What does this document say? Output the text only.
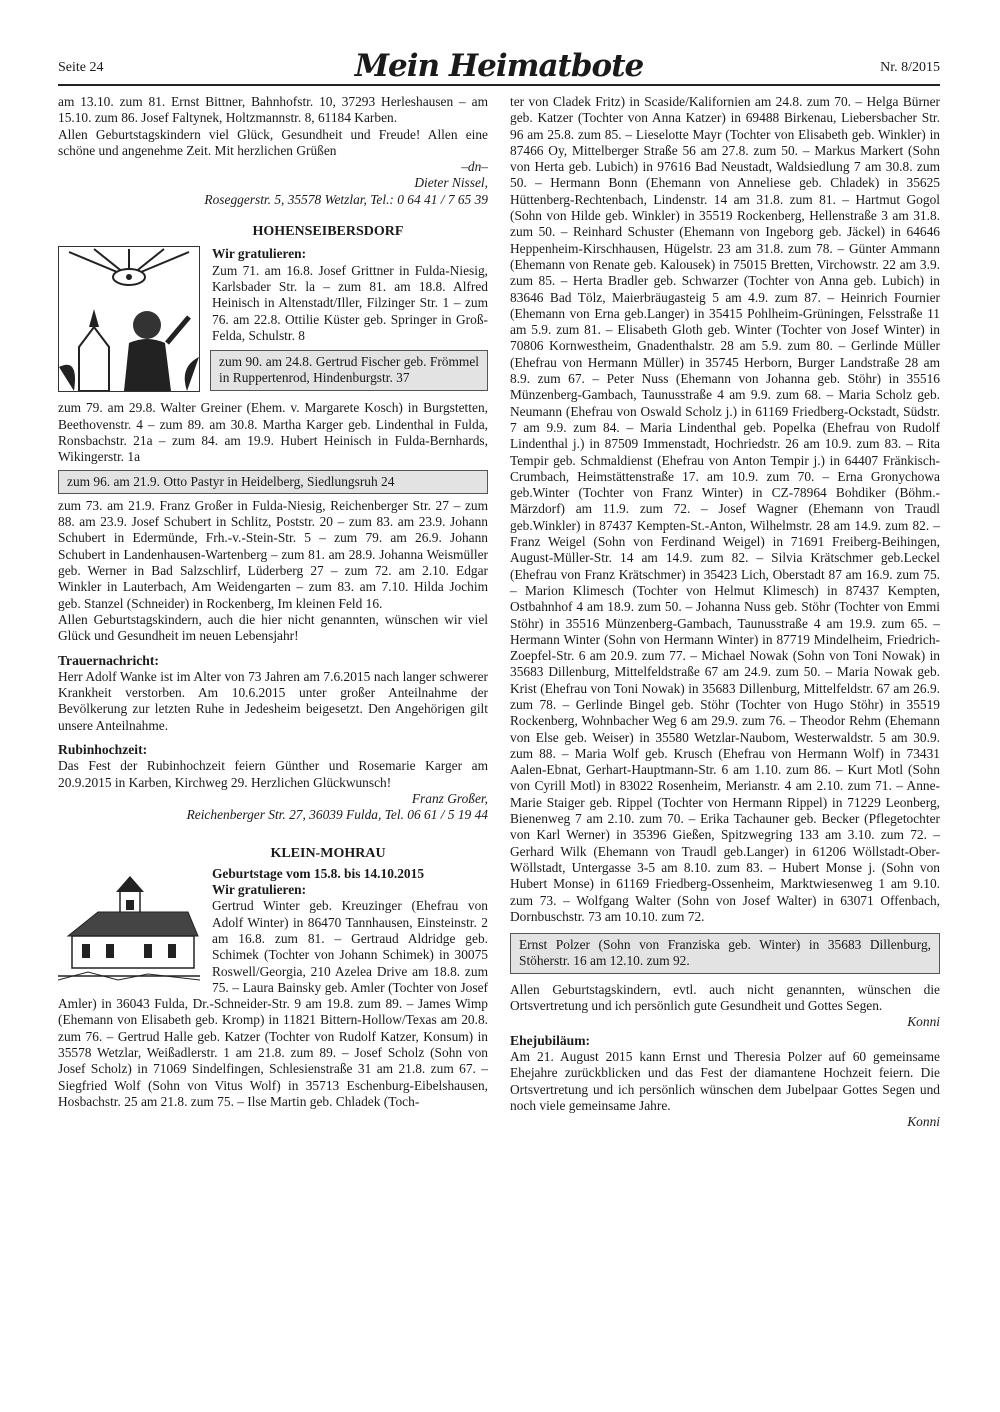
Seite 24	Mein Heimatbote	Nr. 8/2015

am 13.10. zum 81. Ernst Bittner, Bahnhofstr. 10, 37293 Herleshausen – am 15.10. zum 86. Josef Faltynek, Holtzmannstr. 8, 61184 Karben.

Allen Geburtstagskindern viel Glück, Gesundheit und Freude! Allen eine schöne und angenehme Zeit. Mit herzlichen Grüßen

–dn–

Dieter Nissel,

Roseggerstr. 5, 35578 Wetzlar, Tel.: 0 64 41 / 7 65 39

HOHENSEIBERSDORF

Wir gratulieren:

Zum 71. am 16.8. Josef Grittner in Fulda-Niesig, Karlsbader Str. la – zum 81. am 18.8. Alfred Heinisch in Altenstadt/Iller, Filzinger Str. 1 – zum 76. am 22.8. Ottilie Küster geb. Springer in Groß-Felda, Schulstr. 8

zum 90. am 24.8. Gertrud Fischer geb. Frömmel in Ruppertenrod, Hindenburgstr. 37

zum 79. am 29.8. Walter Greiner (Ehem. v. Margarete Kosch) in Burgstetten, Beethovenstr. 4 – zum 89. am 30.8. Martha Karger geb. Lindenthal in Fulda, Ronsbachstr. 21a – zum 84. am 19.9. Hubert Heinisch in Fulda-Bernhards, Wikingerstr. 1a

zum 96. am 21.9. Otto Pastyr in Heidelberg, Siedlungsruh 24

zum 73. am 21.9. Franz Großer in Fulda-Niesig, Reichenberger Str. 27 – zum 88. am 23.9. Josef Schubert in Schlitz, Poststr. 20 – zum 83. am 23.9. Johann Schubert in Edermünde, Frh.-v.-Stein-Str. 5 – zum 79. am 26.9. Johann Schubert in Landenhausen-Wartenberg – zum 81. am 28.9. Johanna Weismüller geb. Werner in Bad Salzschlirf, Lüderberg 27 – zum 72. am 2.10. Edgar Winkler in Lauterbach, Am Weidengarten – zum 83. am 7.10. Hilda Jochim geb. Stanzel (Schneider) in Rockenberg, Im kleinen Feld 16.

Allen Geburtstagskindern, auch die hier nicht genannten, wünschen wir viel Glück und Gesundheit im neuen Lebensjahr!

Trauernachricht:

Herr Adolf Wanke ist im Alter von 73 Jahren am 7.6.2015 nach langer schwerer Krankheit verstorben. Am 10.6.2015 unter großer Anteilnahme der Bevölkerung zur letzten Ruhe in Jedesheim beigesetzt. Den Angehörigen gilt unsere Anteilnahme.

Rubinhochzeit:

Das Fest der Rubinhochzeit feiern Günther und Rosemarie Karger am 20.9.2015 in Karben, Kirchweg 29. Herzlichen Glückwunsch!

Franz Großer,

Reichenberger Str. 27, 36039 Fulda, Tel. 06 61 / 5 19 44

KLEIN-MOHRAU

Geburtstage vom 15.8. bis 14.10.2015

Wir gratulieren:

Gertrud Winter geb. Kreuzinger (Ehefrau von Adolf Winter) in 86470 Tannhausen, Einsteinstr. 2 am 16.8. zum 81. – Gertraud Aldridge geb. Schimek (Tochter von Johann Schimek) in 30075 Roswell/Georgia, 210 Azelea Drive am 18.8. zum 75. – Laura Bainsky geb. Amler (Tochter von Josef Amler) in 36043 Fulda, Dr.-Schneider-Str. 9 am 19.8. zum 89. – James Wimp (Ehemann von Elisabeth geb. Kromp) in 11821 Bittern-Hollow/Texas am 20.8. zum 76. – Gertrud Halle geb. Katzer (Tochter von Rudolf Katzer, Konsum) in 35578 Wetzlar, Weißadlerstr. 1 am 21.8. zum 89. – Josef Scholz (Sohn von Josef Scholz) in 71069 Sindelfingen, Schlesienstraße 31 am 21.8. zum 67. – Siegfried Wolf (Sohn von Vitus Wolf) in 35713 Eschenburg-Eibelshausen, Hosbachstr. 25 am 21.8. zum 75. – Ilse Martin geb. Chladek (Toch-

ter von Cladek Fritz) in Scaside/Kalifornien am 24.8. zum 70. – Helga Bürner geb. Katzer (Tochter von Anna Katzer) in 69488 Birkenau, Liebersbacher Str. 96 am 25.8. zum 85. – Lieselotte Mayr (Tochter von Elisabeth geb. Winkler) in 87466 Oy, Mittelberger Straße 56 am 27.8. zum 50. – Markus Markert (Sohn von Herta geb. Lubich) in 97616 Bad Neustadt, Waldsiedlung 7 am 30.8. zum 50. – Hermann Bonn (Ehemann von Anneliese geb. Chladek) in 35625 Hüttenberg-Rechtenbach, Lindenstr. 14 am 31.8. zum 81. – Hartmut Gogol (Sohn von Hilde geb. Winkler) in 35519 Rockenberg, Hellenstraße 3 am 31.8. zum 50. – Reinhard Schuster (Ehemann von Ingeborg geb. Jäckel) in 64646 Heppenheim-Kirschhausen, Hügelstr. 23 am 31.8. zum 78. – Günter Ammann (Ehemann von Renate geb. Kalousek) in 75015 Bretten, Virchowstr. 22 am 3.9. zum 85. – Herta Bradler geb. Schwarzer (Tochter von Anna geb. Lubich) in 83646 Bad Tölz, Maierbräugasteig 5 am 4.9. zum 87. – Heinrich Fournier (Ehemann von Erna geb.Langer) in 35415 Pohlheim-Grüningen, Felsstraße 11 am 5.9. zum 81. – Elisabeth Gloth geb. Winter (Tochter von Josef Winter) in 70806 Kornwestheim, Gnadenthalstr. 28 am 5.9. zum 80. – Gerlinde Müller (Ehefrau von Hermann Müller) in 35745 Herborn, Burger Landstraße 28 am 8.9. zum 67. – Peter Nuss (Ehemann von Johanna geb. Stöhr) in 35516 Münzenberg-Gambach, Taunusstraße 4 am 9.9. zum 68. – Maria Scholz geb. Neumann (Ehefrau von Oswald Scholz j.) in 61169 Friedberg-Ockstadt, Südstr. 7 am 9.9. zum 84. – Maria Lindenthal geb. Popelka (Ehefrau von Rudolf Lindenthal j.) in 87509 Immenstadt, Hochriedstr. 26 am 10.9. zum 83. – Rita Tempir geb. Schmaldienst (Ehefrau von Anton Tempir j.) in 64407 Fränkisch-Crumbach, Heimstättenstraße 17. am 10.9. zum 70. – Erna Gronychowa geb.Winter (Tochter von Franz Winter) in CZ-78964 Bohdiker (Böhm.-Märzdorf) am 11.9. zum 72. – Josef Wagner (Ehemann von Traudl geb.Winkler) in 87437 Kempten-St.-Anton, Wilhelmstr. 28 am 14.9. zum 82. – Franz Weigel (Sohn von Ferdinand Weigel) in 71691 Freiberg-Beihingen, August-Müller-Str. 14 am 14.9. zum 82. – Silvia Krätschmer geb.Leckel (Ehefrau von Franz Krätschmer) in 35423 Lich, Oberstadt 87 am 16.9. zum 75. – Marion Klimesch (Tochter von Helmut Klimesch) in 87437 Kempten, Ostbahnhof 4 am 18.9. zum 50. – Johanna Nuss geb. Stöhr (Tochter von Emmi Stöhr) in 35516 Münzenberg-Gambach, Taunusstraße 4 am 19.9. zum 65. – Hermann Winter (Sohn von Hermann Winter) in 87719 Mindelheim, Friedrich-Zoepfel-Str. 6 am 20.9. zum 77. – Michael Nowak (Sohn von Toni Nowak) in 35683 Dillenburg, Mittelfeldstraße 67 am 24.9. zum 50. – Maria Nowak geb. Krist (Ehefrau von Toni Nowak) in 35683 Dillenburg, Mittelfeldstr. 67 am 26.9. zum 78. – Gerlinde Bingel geb. Stöhr (Tochter von Hugo Stöhr) in 35519 Rockenberg, Wohnbacher Weg 6 am 29.9. zum 76. – Theodor Rehm (Ehemann von Else geb. Weiser) in 35580 Wetzlar-Naubom, Westerwaldstr. 5 am 30.9. zum 88. – Maria Wolf geb. Krusch (Ehefrau von Hermann Wolf) in 73431 Aalen-Ebnat, Gerhart-Hauptmann-Str. 6 am 1.10. zum 86. – Kurt Motl (Sohn von Cyrill Motl) in 83022 Rosenheim, Merianstr. 4 am 2.10. zum 71. – Anne-Marie Staiger geb. Rippel (Tochter von Hermann Rippel) in 71229 Leonberg, Bienenweg 7 am 2.10. zum 70. – Erika Tachauner geb. Becker (Pflegetochter von Karl Werner) in 35396 Gießen, Spitzwegring 133 am 3.10. zum 72. – Gerhard Wilk (Ehemann von Traudl geb.Langer) in 61206 Wöllstadt-Ober-Wöllstadt, Untergasse 3-5 am 8.10. zum 83. – Hubert Monse j. (Sohn von Hubert Monse) in 61169 Friedberg-Ossenheim, Marktwiesenweg 1 am 9.10. zum 73. – Wolfgang Walter (Sohn von Josef Walter) in 63071 Offenbach, Dornbuschstr. 73 am 10.10. zum 72.

Ernst Polzer (Sohn von Franziska geb. Winter) in 35683 Dillenburg, Stöherstr. 16 am 12.10. zum 92.

Allen Geburtstagskindern, evtl. auch nicht genannten, wünschen die Ortsvertretung und ich persönlich gute Gesundheit und Gottes Segen.

Konni

Ehejubiläum:

Am 21. August 2015 kann Ernst und Theresia Polzer auf 60 gemeinsame Ehejahre zurückblicken und das Fest der diamantene Hochzeit feiern. Die Ortsvertretung und ich persönlich wünschen dem Jubelpaar Gottes Segen und noch viele gemeinsame Jahre.

Konni
